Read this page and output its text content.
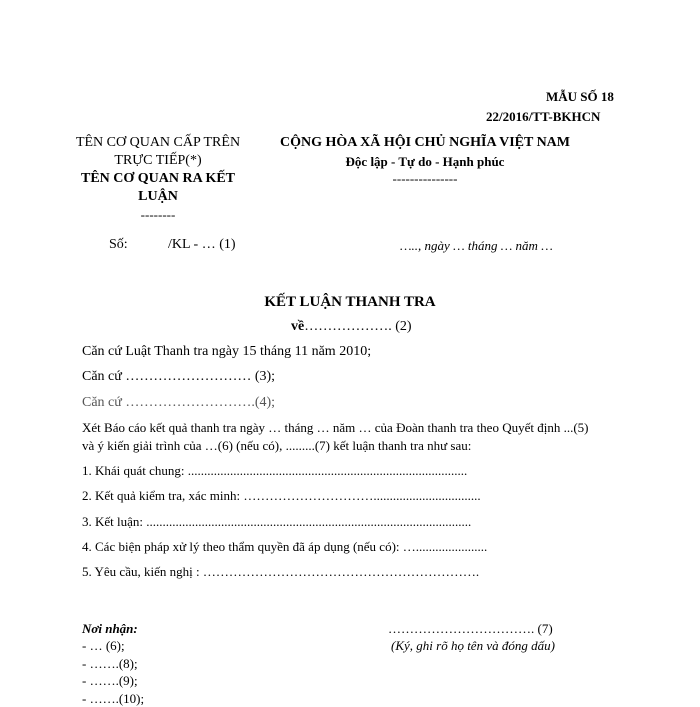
MẪU SỐ 18
22/2016/TT-BKHCN
TÊN CƠ QUAN CẤP TRÊN
TRỰC TIẾP(*)
TÊN CƠ QUAN RA KẾT
LUẬN
--------
CỘNG HÒA XÃ HỘI CHỦ NGHĨA VIỆT NAM
Độc lập - Tự do - Hạnh phúc
---------------
Số:	/KL - … (1)	….., ngày … tháng … năm …
KẾT LUẬN THANH TRA
về………………. (2)
Căn cứ Luật Thanh tra ngày 15 tháng 11 năm 2010;
Căn cứ ……………………… (3);
Căn cứ ……………………….(4);
Xét Báo cáo kết quả thanh tra ngày … tháng … năm … của Đoàn thanh tra theo Quyết định ...(5)
và ý kiến giải trình của …(6) (nếu có), .........(7) kết luận thanh tra như sau:
1. Khái quát chung: ......................................................................................
2. Kết quả kiểm tra, xác minh: ………………………….................................
3. Kết luận: ....................................................................................................
4. Các biện pháp xử lý theo thẩm quyền đã áp dụng (nếu có): …......................
5. Yêu cầu, kiến nghị : ……………………………………………………….
Nơi nhận:
- … (6);
- …….(8);
- …….(9);
- …….(10);
……………………………. (7)
(Ký, ghi rõ họ tên và đóng dấu)
